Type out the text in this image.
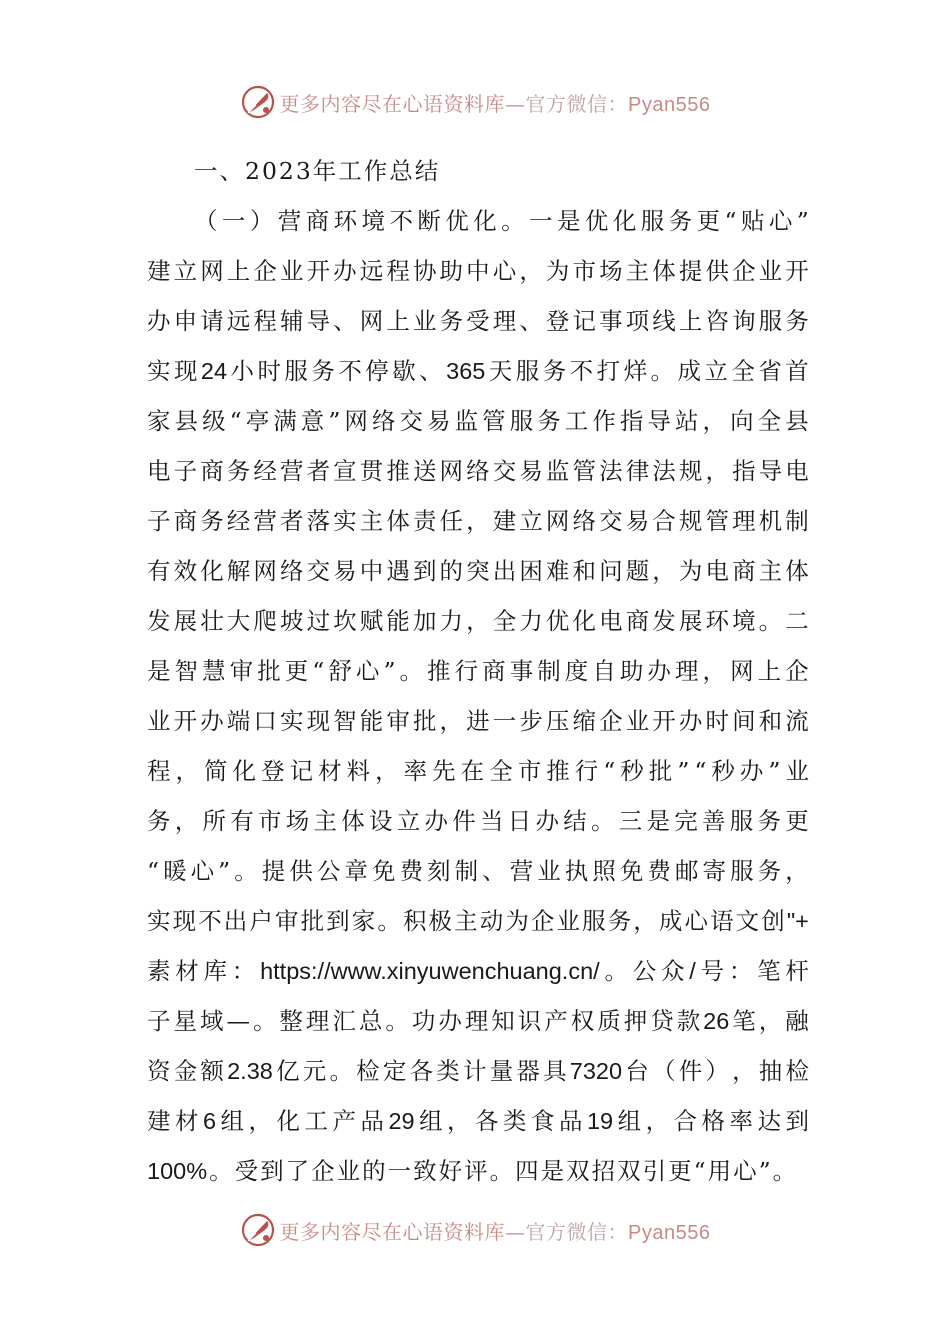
更多内容尽在心语资料库—官方微信：Pyan556
一、2023年工作总结
（ 一 ） 营 商 环 境 不 断 优 化 。 一 是 优 化 服 务 更 “ 贴 心 ”
建 立 网 上 企 业 开 办 远 程 协 助 中 心 ， 为 市 场 主 体 提 供 企 业 开
办 申 请 远 程 辅 导 、 网 上 业 务 受 理 、 登 记 事 项 线 上 咨 询 服 务
实 现 24 小 时 服 务 不 停 歇 、 365 天 服 务 不 打 烊 。 成 立 全 省 首
家 县 级 “ 亭 满 意 ” 网 络 交 易 监 管 服 务 工 作 指 导 站 ， 向 全 县
电 子 商 务 经 营 者 宣 贯 推 送 网 络 交 易 监 管 法 律 法 规 ， 指 导 电
子 商 务 经 营 者 落 实 主 体 责 任 ， 建 立 网 络 交 易 合 规 管 理 机 制
有 效 化 解 网 络 交 易 中 遇 到 的 突 出 困 难 和 问 题 ， 为 电 商 主 体
发 展 壮 大 爬 坡 过 坎 赋 能 加 力 ， 全 力 优 化 电 商 发 展 环 境 。 二
是 智 慧 审 批 更 “ 舒 心 ” 。 推 行 商 事 制 度 自 助 办 理 ， 网 上 企
业 开 办 端 口 实 现 智 能 审 批 ， 进 一 步 压 缩 企 业 开 办 时 间 和 流
程 ， 简 化 登 记 材 料 ， 率 先 在 全 市 推 行 “ 秒 批 ” “ 秒 办 ” 业
务 ， 所 有 市 场 主 体 设 立 办 件 当 日 办 结 。 三 是 完 善 服 务 更
“ 暖 心 ” 。 提 供 公 章 免 费 刻 制 、 营 业 执 照 免 费 邮 寄 服 务 ，
实 现 不 出 户 审 批 到 家 。 积 极 主 动 为 企 业 服 务 ， 成 心 语 文 创 "+
素 材 库 ： https://www.xinyuwenchuang.cn/ 。 公 众 / 号 ： 笔 杆
子 星 域 — 。 整 理 汇 总 。 功 办 理 知 识 产 权 质 押 贷 款 26 笔 ， 融
资 金 额 2.38 亿 元 。 检 定 各 类 计 量 器 具 7320 台 （ 件 ） ， 抽 检
建 材 6 组 ， 化 工 产 品 29 组 ， 各 类 食 品 19 组 ， 合 格 率 达 到
100% 。 受 到 了 企 业 的 一 致 好 评 。 四 是 双 招 双 引 更 “ 用 心 ” 。
更多内容尽在心语资料库—官方微信：Pyan556
